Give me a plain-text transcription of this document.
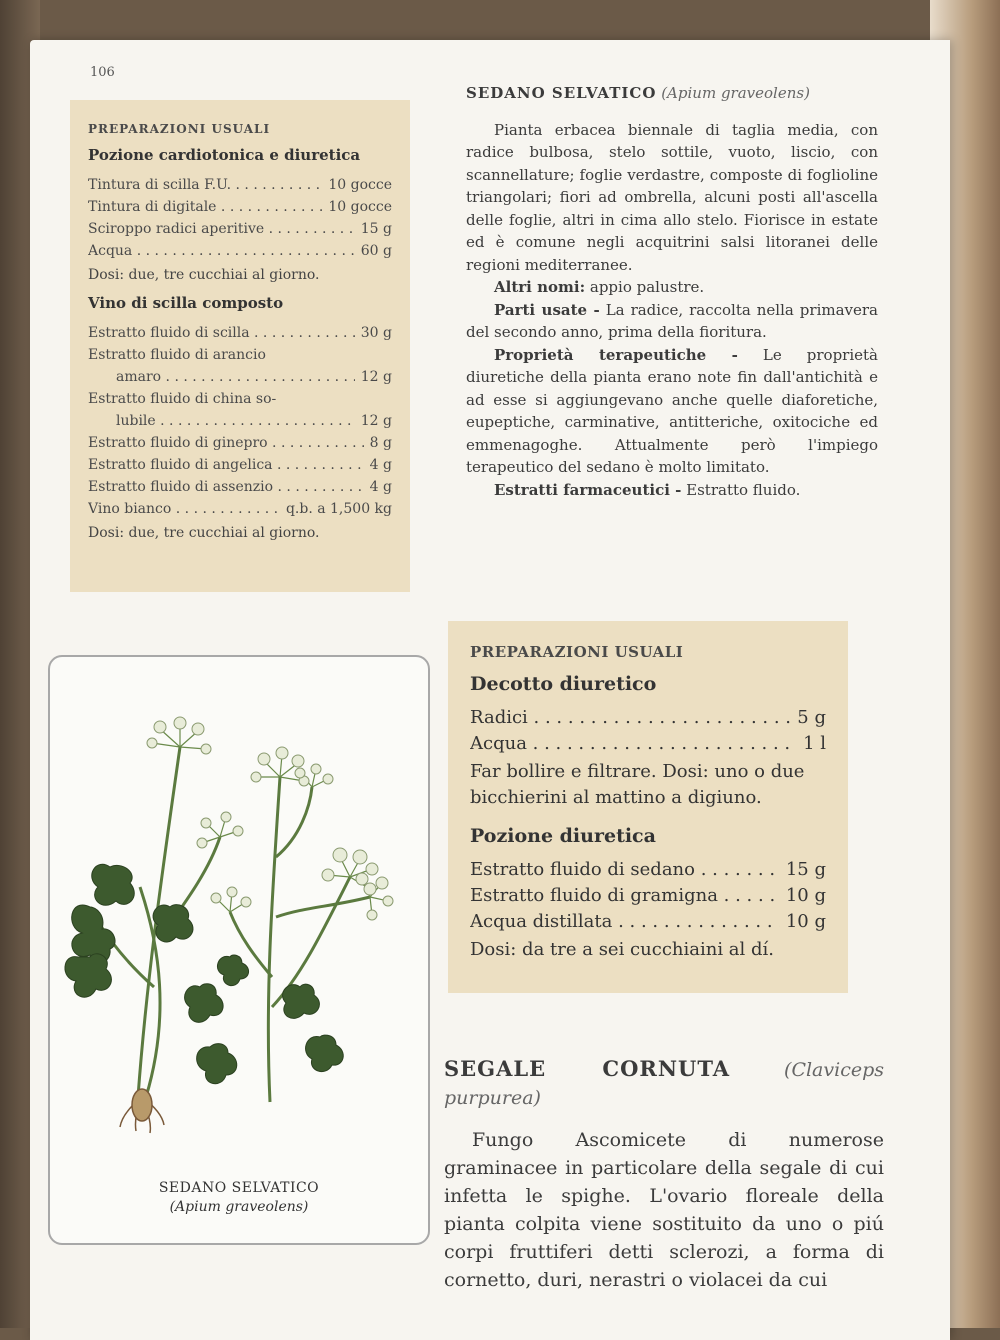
106
PREPARAZIONI USUALI
Pozione cardiotonica e diuretica
Tintura di scilla F.U. . . .	10 gocce
Tintura di digitale . . .	10 gocce
Sciroppo radici aperitive . . .	15 g
Acqua . . .	60 g
Dosi: due, tre cucchiai al giorno.
Vino di scilla composto
Estratto fluido di scilla . . .	30 g
Estratto fluido di arancio
amaro . . .	12 g
Estratto fluido di china so-
lubile . . .	12 g
Estratto fluido di ginepro . . .	8 g
Estratto fluido di angelica . . .	4 g
Estratto fluido di assenzio . . .	4 g
Vino bianco . . .	q.b. a 1,500 kg
Dosi: due, tre cucchiai al giorno.
SEDANO SELVATICO (Apium graveolens)

Pianta erbacea biennale di taglia media, con radice bulbosa, stelo sottile, vuoto, liscio, con scannellature; foglie verdastre, composte di foglioline triangolari; fiori ad ombrella, alcuni posti all'ascella delle foglie, altri in cima allo stelo. Fiorisce in estate ed è comune negli acquitrini salsi litoranei delle regioni mediterranee.

Altri nomi: appio palustre.

Parti usate - La radice, raccolta nella primavera del secondo anno, prima della fioritura.

Proprietà terapeutiche - Le proprietà diuretiche della pianta erano note fin dall'antichità e ad esse si aggiungevano anche quelle diaforetiche, eupeptiche, carminative, antitteriche, oxitociche ed emmenagoghe. Attualmente però l'impiego terapeutico del sedano è molto limitato.

Estratti farmaceutici - Estratto fluido.

PREPARAZIONI USUALI
Decotto diuretico
Radici . . .	5 g
Acqua . . .	1 l
Far bollire e filtrare. Dosi: uno o due bicchierini al mattino a digiuno.
Pozione diuretica
Estratto fluido di sedano . . .	15 g
Estratto fluido di gramigna . . .	10 g
Acqua distillata . . .	10 g
Dosi: da tre a sei cucchiaini al dí.
SEDANO SELVATICO
(Apium graveolens)
SEGALE CORNUTA	(Claviceps purpurea)

Fungo Ascomicete di numerose graminacee in particolare della segale di cui infetta le spighe. L'ovario floreale della pianta colpita viene sostituito da uno o piú corpi fruttiferi detti sclerozi, a forma di cornetto, duri, nerastri o violacei da cui
